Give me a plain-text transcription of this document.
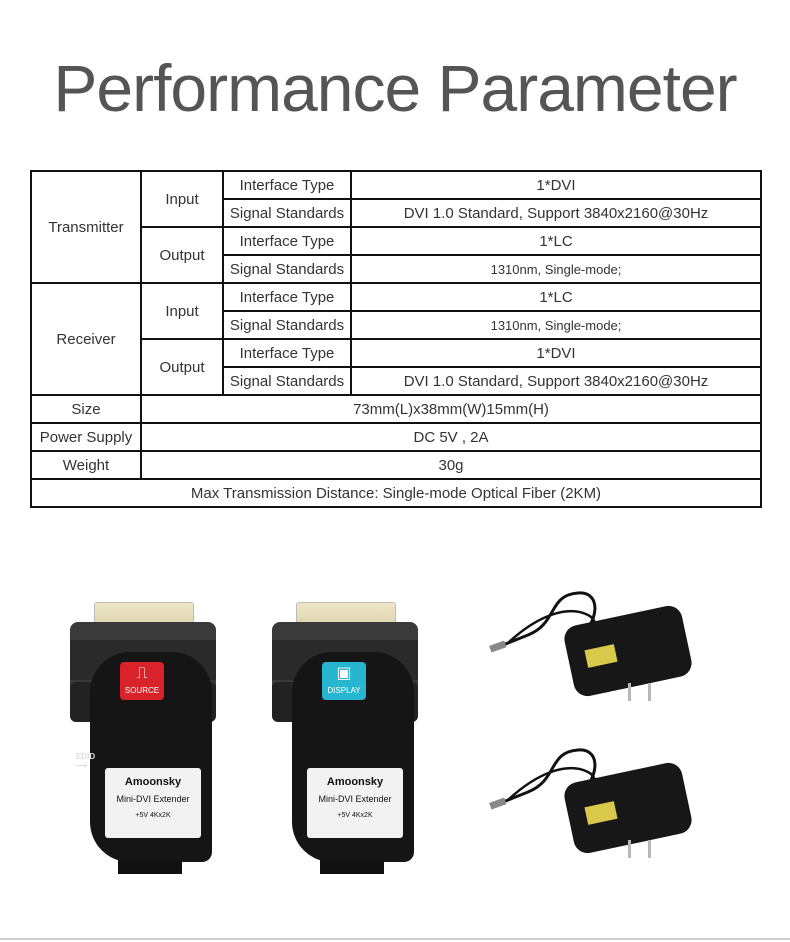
Performance Parameter
Transmitter	Input	Interface Type	1*DVI
		Signal Standards	DVI 1.0 Standard, Support 3840x2160@30Hz
	Output	Interface Type	1*LC
		Signal Standards	1310nm, Single-mode;
Receiver	Input	Interface Type	1*LC
		Signal Standards	1310nm, Single-mode;
	Output	Interface Type	1*DVI
		Signal Standards	DVI 1.0 Standard, Support 3840x2160@30Hz
Size	73mm(L)x38mm(W)15mm(H)		
Power Supply	DC 5V , 2A		
Weight	30g		
Max Transmission Distance: Single-mode Optical Fiber (2KM)			
⎍
SOURCE
EDID
⟶
Amoonsky
Mini-DVI Extender
+5V 4Kx2K
▣
DISPLAY
Amoonsky
Mini-DVI Extender
+5V 4Kx2K
